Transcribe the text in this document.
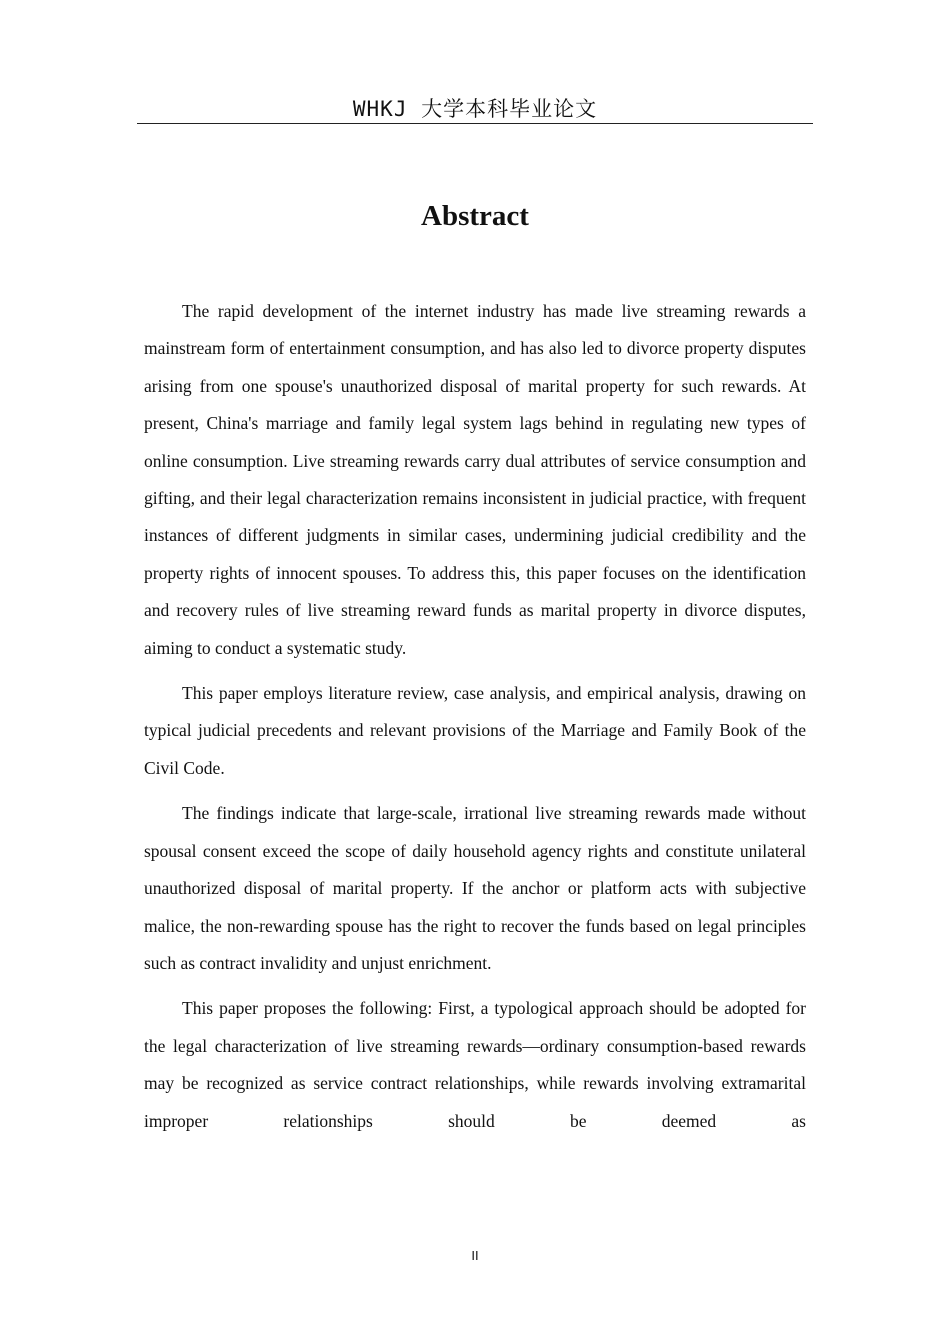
WHKJ 大学本科毕业论文
Abstract

The rapid development of the internet industry has made live streaming rewards a mainstream form of entertainment consumption, and has also led to divorce property disputes arising from one spouse's unauthorized disposal of marital property for such rewards. At present, China's marriage and family legal system lags behind in regulating new types of online consumption. Live streaming rewards carry dual attributes of service consumption and gifting, and their legal characterization remains inconsistent in judicial practice, with frequent instances of different judgments in similar cases, undermining judicial credibility and the property rights of innocent spouses. To address this, this paper focuses on the identification and recovery rules of live streaming reward funds as marital property in divorce disputes, aiming to conduct a systematic study.

This paper employs literature review, case analysis, and empirical analysis, drawing on typical judicial precedents and relevant provisions of the Marriage and Family Book of the Civil Code.

The findings indicate that large-scale, irrational live streaming rewards made without spousal consent exceed the scope of daily household agency rights and constitute unilateral unauthorized disposal of marital property. If the anchor or platform acts with subjective malice, the non-rewarding spouse has the right to recover the funds based on legal principles such as contract invalidity and unjust enrichment.

This paper proposes the following: First, a typological approach should be adopted for the legal characterization of live streaming rewards—ordinary consumption-based rewards may be recognized as service contract relationships, while rewards involving extramarital improper relationships should be deemed as

II
